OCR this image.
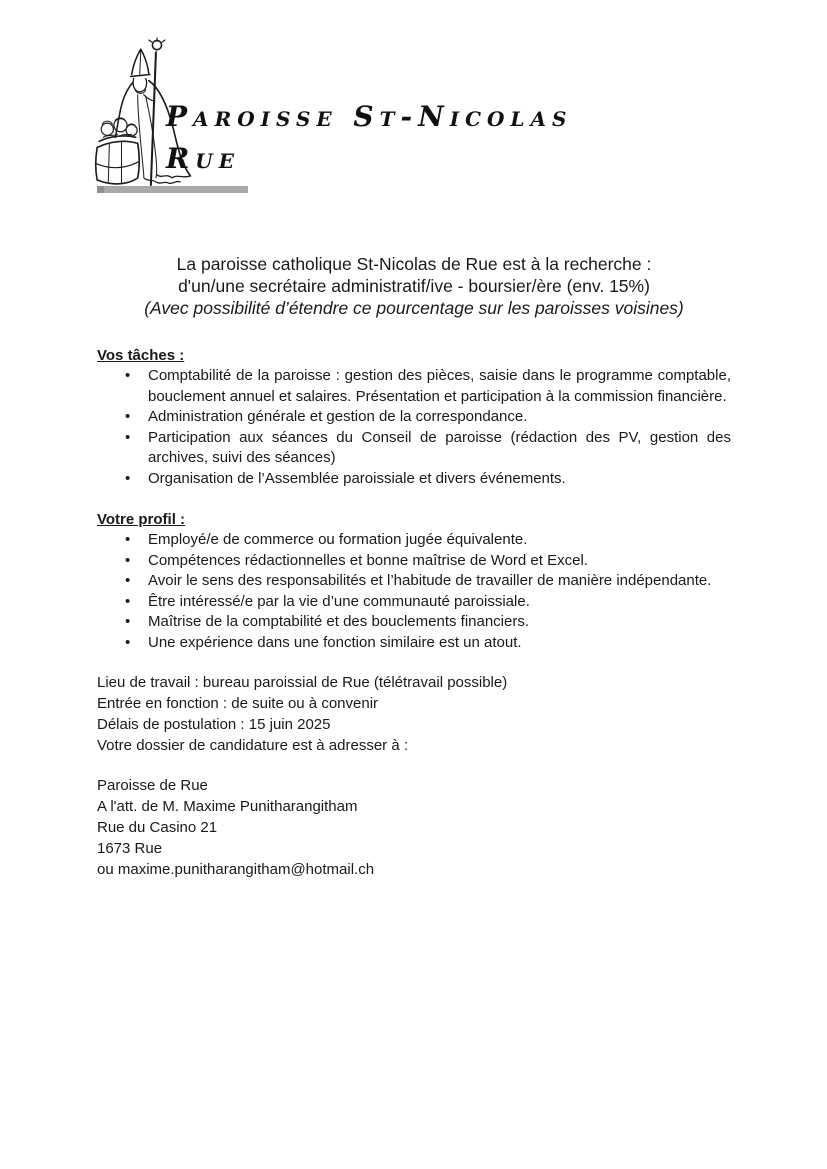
Paroisse St-Nicolas
Rue
La paroisse catholique St-Nicolas de Rue est à la recherche :
d'un/une secrétaire administratif/ive - boursier/ère (env. 15%)
(Avec possibilité d’étendre ce pourcentage sur les paroisses voisines)
Vos tâches :
• Comptabilité de la paroisse : gestion des pièces, saisie dans le programme comptable, bouclement annuel et salaires. Présentation et participation à la commission financière.
• Administration générale et gestion de la correspondance.
• Participation aux séances du Conseil de paroisse (rédaction des PV, gestion des archives, suivi des séances)
• Organisation de l’Assemblée paroissiale et divers événements.
Votre profil :
• Employé/e de commerce ou formation jugée équivalente.
• Compétences rédactionnelles et bonne maîtrise de Word et Excel.
• Avoir le sens des responsabilités et l’habitude de travailler de manière indépendante.
• Être intéressé/e par la vie d’une communauté paroissiale.
• Maîtrise de la comptabilité et des bouclements financiers.
• Une expérience dans une fonction similaire est un atout.
Lieu de travail : bureau paroissial de Rue (télétravail possible)
Entrée en fonction : de suite ou à convenir
Délais de postulation : 15 juin 2025
Votre dossier de candidature est à adresser à :
Paroisse de Rue
A l'att. de M. Maxime Punitharangitham
Rue du Casino 21
1673 Rue
ou maxime.punitharangitham@hotmail.ch
